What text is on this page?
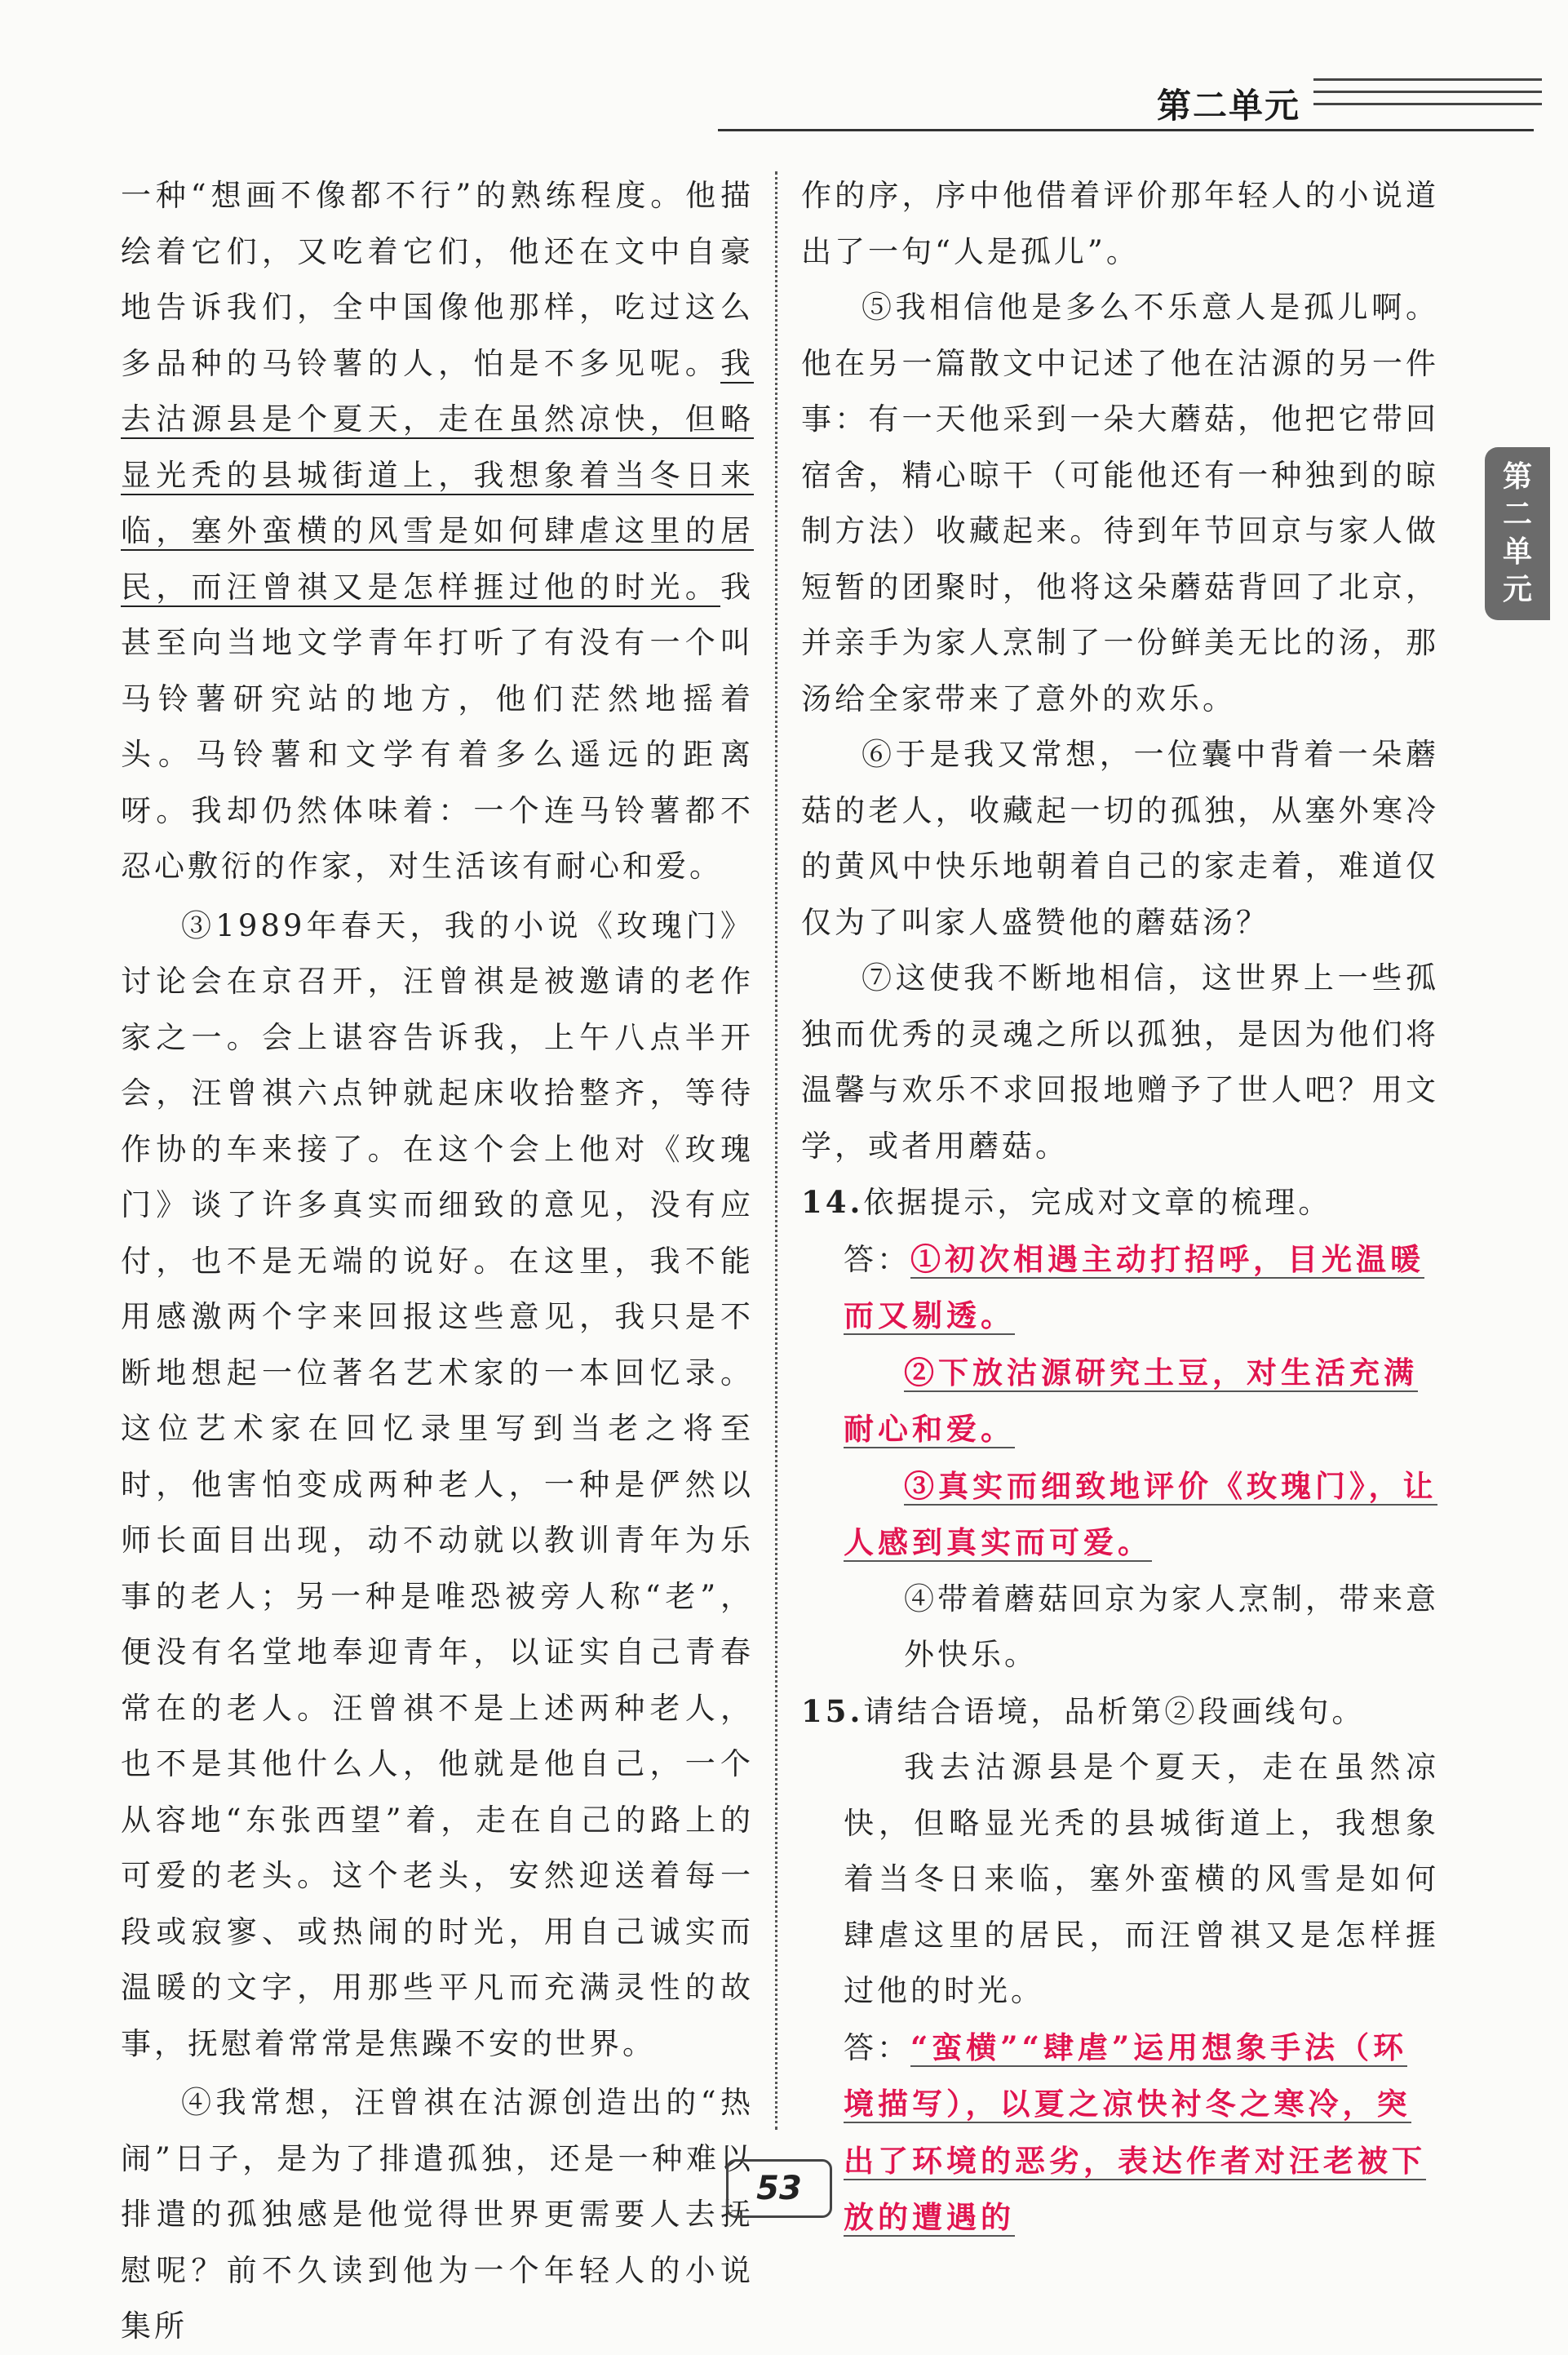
第二单元
第二单元

一种“想画不像都不行”的熟练程度。他描绘着它们，又吃着它们，他还在文中自豪地告诉我们，全中国像他那样，吃过这么多品种的马铃薯的人，怕是不多见呢。我去沽源县是个夏天，走在虽然凉快，但略显光秃的县城街道上，我想象着当冬日来临，塞外蛮横的风雪是如何肆虐这里的居民，而汪曾祺又是怎样捱过他的时光。我甚至向当地文学青年打听了有没有一个叫马铃薯研究站的地方，他们茫然地摇着头。马铃薯和文学有着多么遥远的距离呀。我却仍然体味着：一个连马铃薯都不忍心敷衍的作家，对生活该有耐心和爱。

③1989年春天，我的小说《玫瑰门》讨论会在京召开，汪曾祺是被邀请的老作家之一。会上谌容告诉我，上午八点半开会，汪曾祺六点钟就起床收拾整齐，等待作协的车来接了。在这个会上他对《玫瑰门》谈了许多真实而细致的意见，没有应付，也不是无端的说好。在这里，我不能用感激两个字来回报这些意见，我只是不断地想起一位著名艺术家的一本回忆录。这位艺术家在回忆录里写到当老之将至时，他害怕变成两种老人，一种是俨然以师长面目出现，动不动就以教训青年为乐事的老人；另一种是唯恐被旁人称“老”，便没有名堂地奉迎青年，以证实自己青春常在的老人。汪曾祺不是上述两种老人，也不是其他什么人，他就是他自己，一个从容地“东张西望”着，走在自己的路上的可爱的老头。这个老头，安然迎送着每一段或寂寥、或热闹的时光，用自己诚实而温暖的文字，用那些平凡而充满灵性的故事，抚慰着常常是焦躁不安的世界。

④我常想，汪曾祺在沽源创造出的“热闹”日子，是为了排遣孤独，还是一种难以排遣的孤独感是他觉得世界更需要人去抚慰呢？前不久读到他为一个年轻人的小说集所

作的序，序中他借着评价那年轻人的小说道出了一句“人是孤儿”。

⑤我相信他是多么不乐意人是孤儿啊。他在另一篇散文中记述了他在沽源的另一件事：有一天他采到一朵大蘑菇，他把它带回宿舍，精心晾干（可能他还有一种独到的晾制方法）收藏起来。待到年节回京与家人做短暂的团聚时，他将这朵蘑菇背回了北京，并亲手为家人烹制了一份鲜美无比的汤，那汤给全家带来了意外的欢乐。

⑥于是我又常想，一位囊中背着一朵蘑菇的老人，收藏起一切的孤独，从塞外寒冷的黄风中快乐地朝着自己的家走着，难道仅仅为了叫家人盛赞他的蘑菇汤？

⑦这使我不断地相信，这世界上一些孤独而优秀的灵魂之所以孤独，是因为他们将温馨与欢乐不求回报地赠予了世人吧？用文学，或者用蘑菇。

14.依据提示，完成对文章的梳理。

答：①初次相遇主动打招呼，目光温暖而又剔透。
②下放沽源研究土豆，对生活充满耐心和爱。
③真实而细致地评价《玫瑰门》，让人感到真实而可爱。
④带着蘑菇回京为家人烹制，带来意外快乐。

15.请结合语境，品析第②段画线句。

我去沽源县是个夏天，走在虽然凉快，但略显光秃的县城街道上，我想象着当冬日来临，塞外蛮横的风雪是如何肆虐这里的居民，而汪曾祺又是怎样捱过他的时光。

答：“蛮横”“肆虐”运用想象手法（环境描写），以夏之凉快衬冬之寒冷，突出了环境的恶劣，表达作者对汪老被下放的遭遇的
53
